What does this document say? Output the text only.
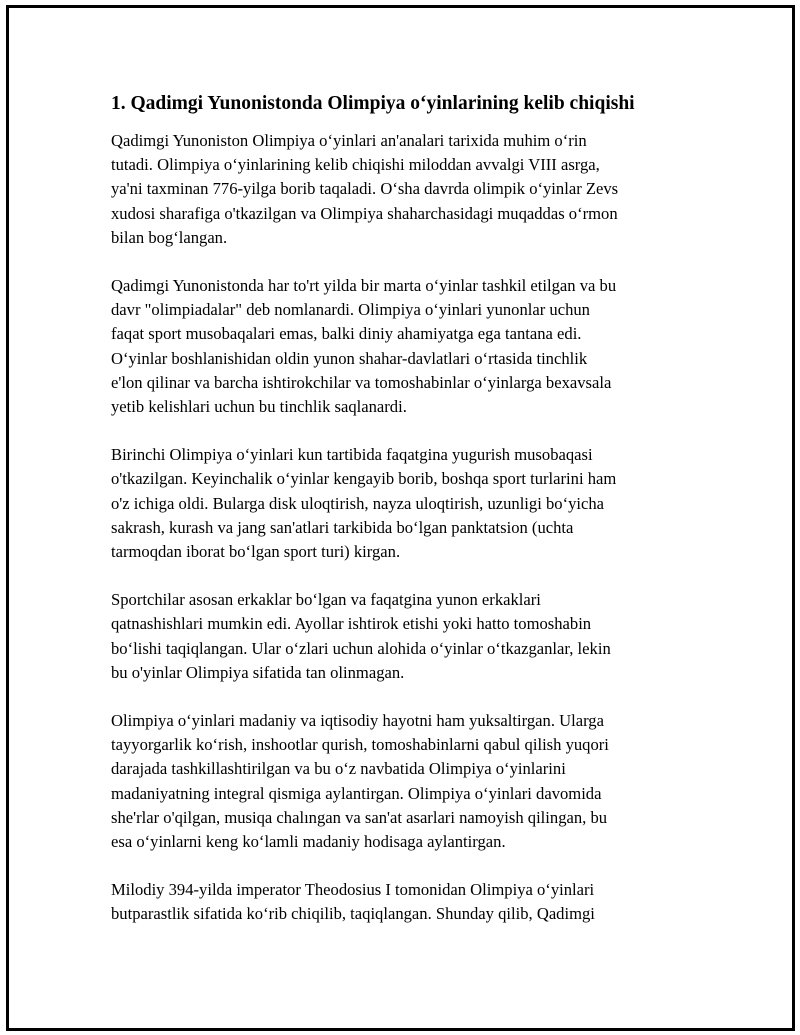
1. Qadimgi Yunonistonda Olimpiya o‘yinlarining kelib chiqishi

Qadimgi Yunoniston Olimpiya o‘yinlari an'analari tarixida muhim o‘rin
tutadi. Olimpiya o‘yinlarining kelib chiqishi miloddan avvalgi VIII asrga,
ya'ni taxminan 776-yilga borib taqaladi. O‘sha davrda olimpik o‘yinlar Zevs
xudosi sharafiga o'tkazilgan va Olimpiya shaharchasidagi muqaddas o‘rmon
bilan bog‘langan.

Qadimgi Yunonistonda har to'rt yilda bir marta o‘yinlar tashkil etilgan va bu
davr "olimpiadalar" deb nomlanardi. Olimpiya o‘yinlari yunonlar uchun
faqat sport musobaqalari emas, balki diniy ahamiyatga ega tantana edi.
O‘yinlar boshlanishidan oldin yunon shahar-davlatlari o‘rtasida tinchlik
e'lon qilinar va barcha ishtirokchilar va tomoshabinlar o‘yinlarga bexavsala
yetib kelishlari uchun bu tinchlik saqlanardi.

Birinchi Olimpiya o‘yinlari kun tartibida faqatgina yugurish musobaqasi
o'tkazilgan. Keyinchalik o‘yinlar kengayib borib, boshqa sport turlarini ham
o'z ichiga oldi. Bularga disk uloqtirish, nayza uloqtirish, uzunligi bo‘yicha
sakrash, kurash va jang san'atlari tarkibida bo‘lgan panktatsion (uchta
tarmoqdan iborat bo‘lgan sport turi) kirgan.

Sportchilar asosan erkaklar bo‘lgan va faqatgina yunon erkaklari
qatnashishlari mumkin edi. Ayollar ishtirok etishi yoki hatto tomoshabin
bo‘lishi taqiqlangan. Ular o‘zlari uchun alohida o‘yinlar o‘tkazganlar, lekin
bu o'yinlar Olimpiya sifatida tan olinmagan.

Olimpiya o‘yinlari madaniy va iqtisodiy hayotni ham yuksaltirgan. Ularga
tayyorgarlik ko‘rish, inshootlar qurish, tomoshabinlarni qabul qilish yuqori
darajada tashkillashtirilgan va bu o‘z navbatida Olimpiya o‘yinlarini
madaniyatning integral qismiga aylantirgan. Olimpiya o‘yinlari davomida
she'rlar o'qilgan, musiqa chalıngan va san'at asarlari namoyish qilingan, bu
esa o‘yinlarni keng ko‘lamli madaniy hodisaga aylantirgan.

Milodiy 394-yilda imperator Theodosius I tomonidan Olimpiya o‘yinlari
butparastlik sifatida ko‘rib chiqilib, taqiqlangan. Shunday qilib, Qadimgi
